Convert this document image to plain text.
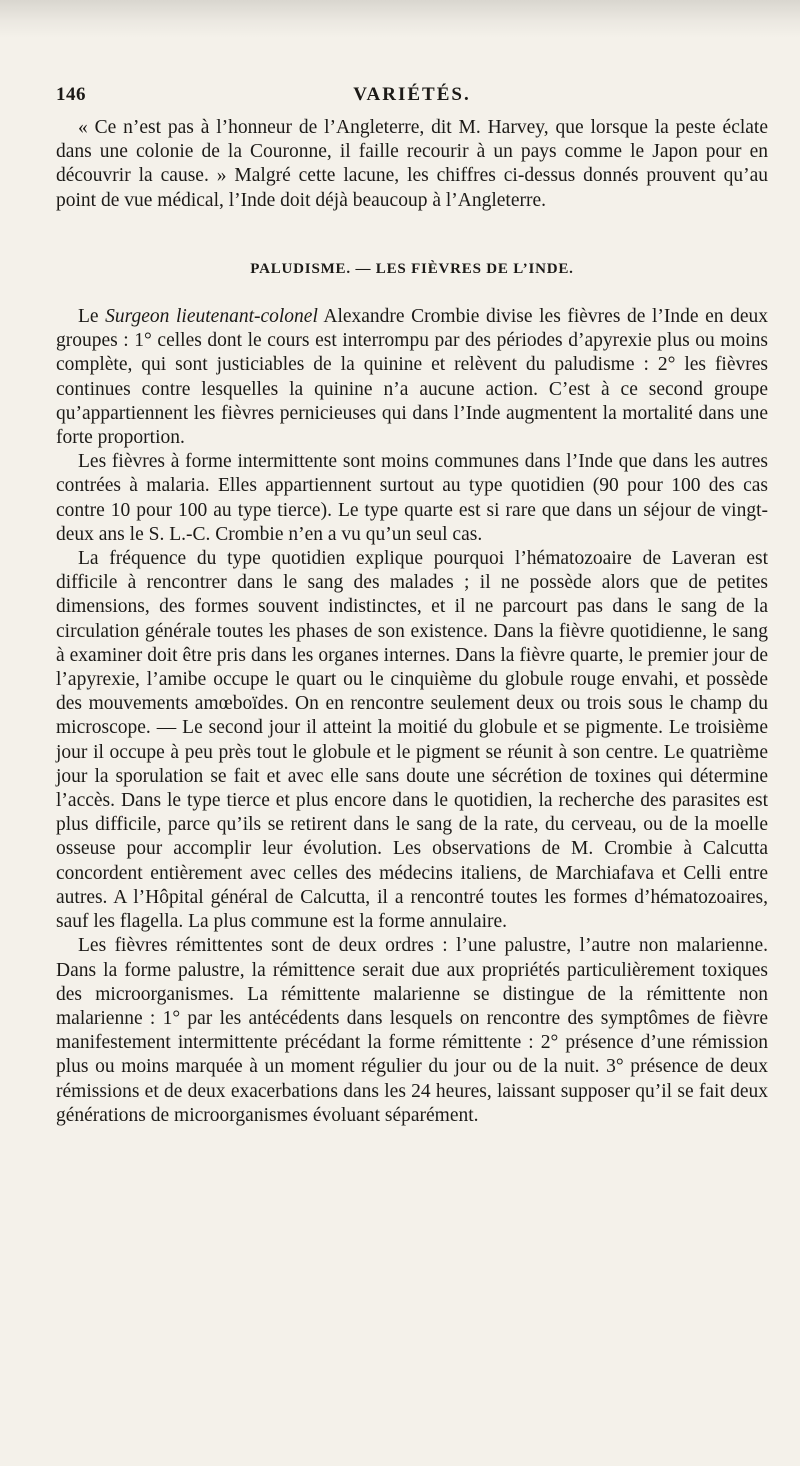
146	VARIÉTÉS.

« Ce n’est pas à l’honneur de l’Angleterre, dit M. Harvey, que lorsque la peste éclate dans une colonie de la Couronne, il faille recourir à un pays comme le Japon pour en découvrir la cause. » Malgré cette lacune, les chiffres ci-dessus donnés prouvent qu’au point de vue médical, l’Inde doit déjà beaucoup à l’Angleterre.

PALUDISME. — LES FIÈVRES DE L’INDE.

Le Surgeon lieutenant-colonel Alexandre Crombie divise les fièvres de l’Inde en deux groupes : 1° celles dont le cours est interrompu par des périodes d’apyrexie plus ou moins complète, qui sont justiciables de la quinine et relèvent du paludisme : 2° les fièvres continues contre lesquelles la quinine n’a aucune action. C’est à ce second groupe qu’appartiennent les fièvres pernicieuses qui dans l’Inde augmentent la mortalité dans une forte proportion.

Les fièvres à forme intermittente sont moins communes dans l’Inde que dans les autres contrées à malaria. Elles appartiennent surtout au type quotidien (90 pour 100 des cas contre 10 pour 100 au type tierce). Le type quarte est si rare que dans un séjour de vingt-deux ans le S. L.-C. Crombie n’en a vu qu’un seul cas.

La fréquence du type quotidien explique pourquoi l’hématozoaire de Laveran est difficile à rencontrer dans le sang des malades ; il ne possède alors que de petites dimensions, des formes souvent indistinctes, et il ne parcourt pas dans le sang de la circulation générale toutes les phases de son existence. Dans la fièvre quotidienne, le sang à examiner doit être pris dans les organes internes. Dans la fièvre quarte, le premier jour de l’apyrexie, l’amibe occupe le quart ou le cinquième du globule rouge envahi, et possède des mouvements amœboïdes. On en rencontre seulement deux ou trois sous le champ du microscope. — Le second jour il atteint la moitié du globule et se pigmente. Le troisième jour il occupe à peu près tout le globule et le pigment se réunit à son centre. Le quatrième jour la sporulation se fait et avec elle sans doute une sécrétion de toxines qui détermine l’accès. Dans le type tierce et plus encore dans le quotidien, la recherche des parasites est plus difficile, parce qu’ils se retirent dans le sang de la rate, du cerveau, ou de la moelle osseuse pour accomplir leur évolution. Les observations de M. Crombie à Calcutta concordent entièrement avec celles des médecins italiens, de Marchiafava et Celli entre autres. A l’Hôpital général de Calcutta, il a rencontré toutes les formes d’hématozoaires, sauf les flagella. La plus commune est la forme annulaire.

Les fièvres rémittentes sont de deux ordres : l’une palustre, l’autre non malarienne. Dans la forme palustre, la rémittence serait due aux propriétés particulièrement toxiques des microorganismes. La rémittente malarienne se distingue de la rémittente non malarienne : 1° par les antécédents dans lesquels on rencontre des symptômes de fièvre manifestement intermittente précédant la forme rémittente : 2° présence d’une rémission plus ou moins marquée à un moment régulier du jour ou de la nuit. 3° présence de deux rémissions et de deux exacerbations dans les 24 heures, laissant supposer qu’il se fait deux générations de microorganismes évoluant séparément.
